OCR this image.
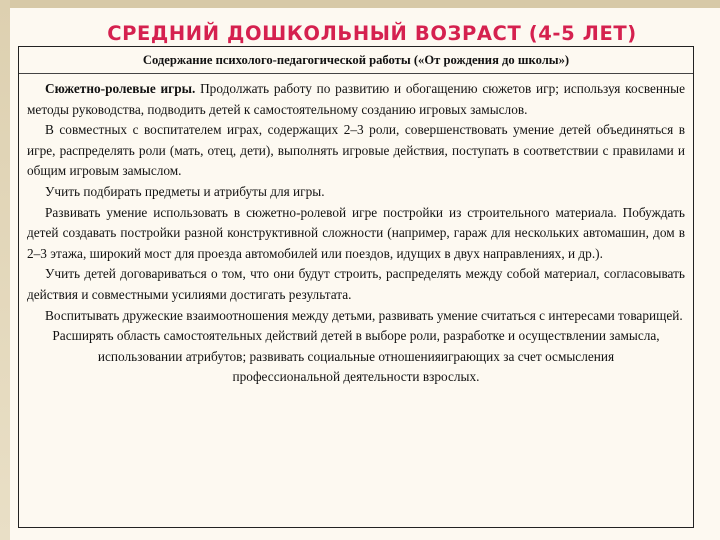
СРЕДНИЙ ДОШКОЛЬНЫЙ ВОЗРАСТ (4-5 ЛЕТ)
Содержание психолого-педагогической работы («От рождения до школы»)

Сюжетно-ролевые игры. Продолжать работу по развитию и обогащению сюжетов игр; используя косвенные методы руководства, подводить детей к самостоятельному созданию игровых замыслов.

В совместных с воспитателем играх, содержащих 2–3 роли, совершенствовать умение детей объединяться в игре, распределять роли (мать, отец, дети), выполнять игровые действия, поступать в соответствии с правилами и общим игровым замыслом.

Учить подбирать предметы и атрибуты для игры.

Развивать умение использовать в сюжетно-ролевой игре постройки из строительного материала. Побуждать детей создавать постройки разной конструктивной сложности (например, гараж для нескольких автомашин, дом в 2–3 этажа, широкий мост для проезда автомобилей или поездов, идущих в двух направлениях, и др.).

Учить детей договариваться о том, что они будут строить, распределять между собой материал, согласовывать действия и совместными усилиями достигать результата.

Воспитывать дружеские взаимоотношения между детьми, развивать умение считаться с интересами товарищей.

Расширять область самостоятельных действий детей в выборе роли, разработке и осуществлении замысла, использовании атрибутов; развивать социальные отношенияиграющих за счет осмысления профессиональной деятельности взрослых.
